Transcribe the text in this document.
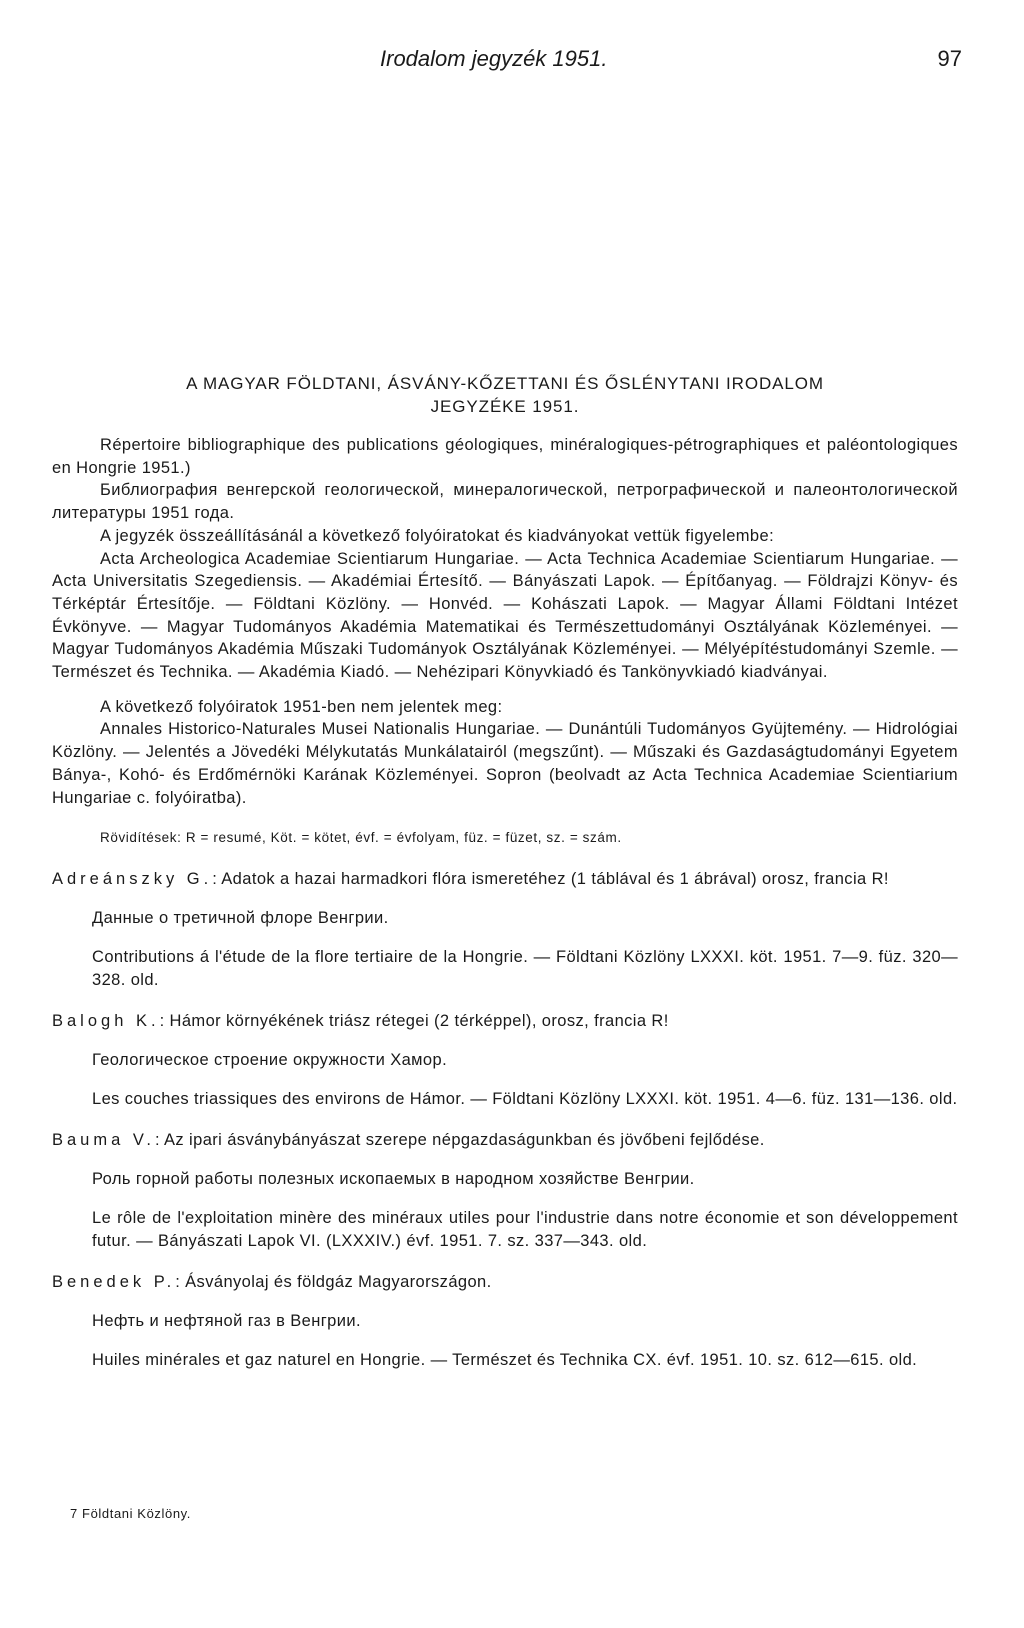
Irodalom jegyzék 1951.	97
A MAGYAR FÖLDTANI, ÁSVÁNY-KŐZETTANI ÉS ŐSLÉNYTANI IRODALOM
JEGYZÉKE 1951.

Répertoire bibliographique des publications géologiques, minéralogiques-pétrographiques et paléontologiques en Hongrie 1951.)

Библиография венгерской геологической, минералогической, петрографической и палеонтологической литературы 1951 года.

A jegyzék összeállításánál a következő folyóiratokat és kiadványokat vettük figyelembe:

Acta Archeologica Academiae Scientiarum Hungariae. — Acta Technica Academiae Scientiarum Hungariae. — Acta Universitatis Szegediensis. — Akadémiai Értesítő. — Bányászati Lapok. — Építőanyag. — Földrajzi Könyv- és Térképtár Értesítője. — Földtani Közlöny. — Honvéd. — Kohászati Lapok. — Magyar Állami Földtani Intézet Évkönyve. — Magyar Tudományos Akadémia Matematikai és Természettudományi Osztályának Közleményei. — Magyar Tudományos Akadémia Műszaki Tudományok Osztályának Közleményei. — Mélyépítéstudományi Szemle. — Természet és Technika. — Akadémia Kiadó. — Nehézipari Könyvkiadó és Tankönyvkiadó kiadványai.

A következő folyóiratok 1951-ben nem jelentek meg:

Annales Historico-Naturales Musei Nationalis Hungariae. — Dunántúli Tudományos Gyüjtemény. — Hidrológiai Közlöny. — Jelentés a Jövedéki Mélykutatás Munkálatairól (megszűnt). — Műszaki és Gazdaságtudományi Egyetem Bánya-, Kohó- és Erdőmérnöki Karának Közleményei. Sopron (beolvadt az Acta Technica Academiae Scientiarium Hungariae c. folyóiratba).

Rövidítések: R = resumé, Köt. = kötet, évf. = évfolyam, füz. = füzet, sz. = szám.

Adreánszky G.: Adatok a hazai harmadkori flóra ismeretéhez (1 táblával és 1 ábrával) orosz, francia R!

Данные о третичной флоре Венгрии.

Contributions á l'étude de la flore tertiaire de la Hongrie. — Földtani Közlöny LXXXI. köt. 1951. 7—9. füz. 320—328. old.

Balogh K.: Hámor környékének triász rétegei (2 térképpel), orosz, francia R!

Геологическое строение окружности Хамор.

Les couches triassiques des environs de Hámor. — Földtani Közlöny LXXXI. köt. 1951. 4—6. füz. 131—136. old.

Bauma V.: Az ipari ásványbányászat szerepe népgazdaságunkban és jövőbeni fejlődése.

Роль горной работы полезных ископаемых в народном хозяйстве Венгрии.

Le rôle de l'exploitation minère des minéraux utiles pour l'industrie dans notre économie et son développement futur. — Bányászati Lapok VI. (LXXXIV.) évf. 1951. 7. sz. 337—343. old.

Benedek P.: Ásványolaj és földgáz Magyarországon.

Нефть и нефтяной газ в Венгрии.

Huiles minérales et gaz naturel en Hongrie. — Természet és Technika CX. évf. 1951. 10. sz. 612—615. old.

7 Földtani Közlöny.
